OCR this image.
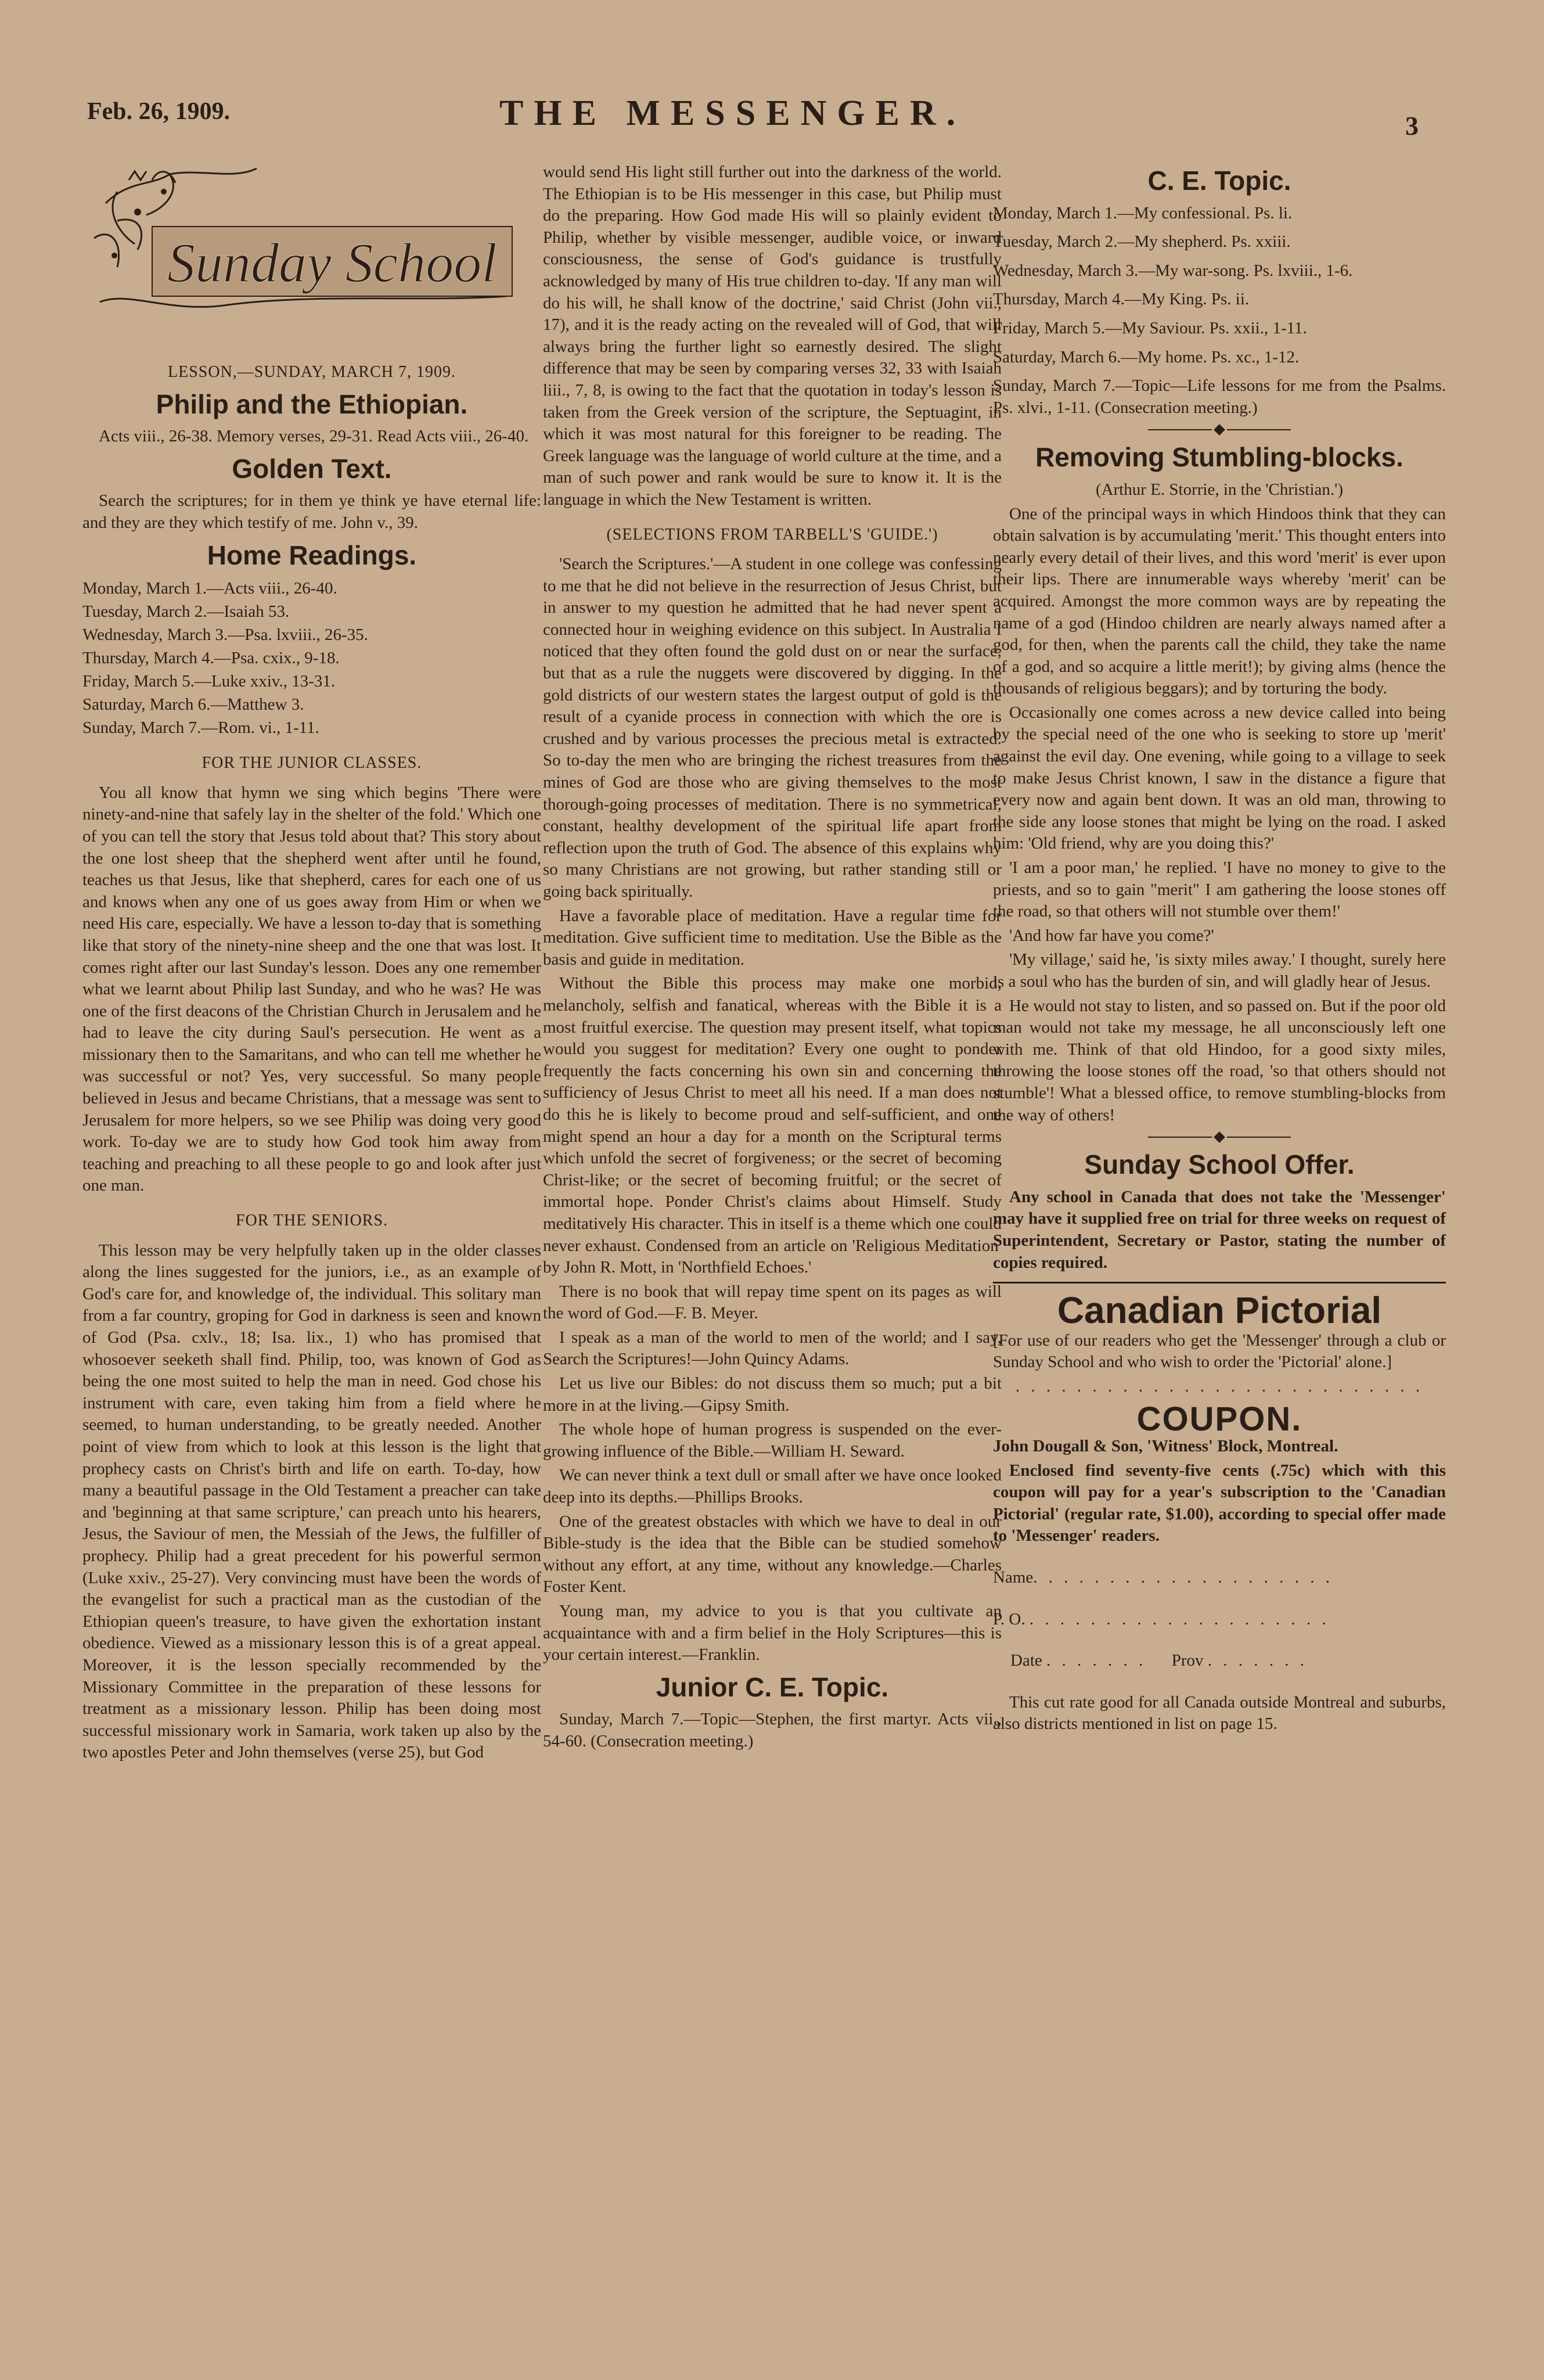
Feb. 26, 1909.	THE MESSENGER.	3
Sunday School
LESSON,—SUNDAY, MARCH 7, 1909.
Philip and the Ethiopian.

Acts viii., 26-38. Memory verses, 29-31. Read Acts viii., 26-40.

Golden Text.

Search the scriptures; for in them ye think ye have eternal life: and they are they which testify of me. John v., 39.

Home Readings.

Monday, March 1.—Acts viii., 26-40.

Tuesday, March 2.—Isaiah 53.

Wednesday, March 3.—Psa. lxviii., 26-35.

Thursday, March 4.—Psa. cxix., 9-18.

Friday, March 5.—Luke xxiv., 13-31.

Saturday, March 6.—Matthew 3.

Sunday, March 7.—Rom. vi., 1-11.

FOR THE JUNIOR CLASSES.

You all know that hymn we sing which begins 'There were ninety-and-nine that safely lay in the shelter of the fold.' Which one of you can tell the story that Jesus told about that? This story about the one lost sheep that the shepherd went after until he found, teaches us that Jesus, like that shepherd, cares for each one of us and knows when any one of us goes away from Him or when we need His care, especially. We have a lesson to-day that is something like that story of the ninety-nine sheep and the one that was lost. It comes right after our last Sunday's lesson. Does any one remember what we learnt about Philip last Sunday, and who he was? He was one of the first deacons of the Christian Church in Jerusalem and he had to leave the city during Saul's persecution. He went as a missionary then to the Samaritans, and who can tell me whether he was successful or not? Yes, very successful. So many people believed in Jesus and became Christians, that a message was sent to Jerusalem for more helpers, so we see Philip was doing very good work. To-day we are to study how God took him away from teaching and preaching to all these people to go and look after just one man.

FOR THE SENIORS.

This lesson may be very helpfully taken up in the older classes along the lines suggested for the juniors, i.e., as an example of God's care for, and knowledge of, the individual. This solitary man from a far country, groping for God in darkness is seen and known of God (Psa. cxlv., 18; Isa. lix., 1) who has promised that whosoever seeketh shall find. Philip, too, was known of God as being the one most suited to help the man in need. God chose his instrument with care, even taking him from a field where he seemed, to human understanding, to be greatly needed. Another point of view from which to look at this lesson is the light that prophecy casts on Christ's birth and life on earth. To-day, how many a beautiful passage in the Old Testament a preacher can take and 'beginning at that same scripture,' can preach unto his hearers, Jesus, the Saviour of men, the Messiah of the Jews, the fulfiller of prophecy. Philip had a great precedent for his powerful sermon (Luke xxiv., 25-27). Very convincing must have been the words of the evangelist for such a practical man as the custodian of the Ethiopian queen's treasure, to have given the exhortation instant obedience. Viewed as a missionary lesson this is of a great appeal. Moreover, it is the lesson specially recommended by the Missionary Committee in the preparation of these lessons for treatment as a missionary lesson. Philip has been doing most successful missionary work in Samaria, work taken up also by the two apostles Peter and John themselves (verse 25), but God

would send His light still further out into the darkness of the world. The Ethiopian is to be His messenger in this case, but Philip must do the preparing. How God made His will so plainly evident to Philip, whether by visible messenger, audible voice, or inward consciousness, the sense of God's guidance is trustfully acknowledged by many of His true children to-day. 'If any man will do his will, he shall know of the doctrine,' said Christ (John vii., 17), and it is the ready acting on the revealed will of God, that will always bring the further light so earnestly desired. The slight difference that may be seen by comparing verses 32, 33 with Isaiah liii., 7, 8, is owing to the fact that the quotation in today's lesson is taken from the Greek version of the scripture, the Septuagint, in which it was most natural for this foreigner to be reading. The Greek language was the language of world culture at the time, and a man of such power and rank would be sure to know it. It is the language in which the New Testament is written.

(SELECTIONS FROM TARBELL'S 'GUIDE.')

'Search the Scriptures.'—A student in one college was confessing to me that he did not believe in the resurrection of Jesus Christ, but in answer to my question he admitted that he had never spent a connected hour in weighing evidence on this subject. In Australia I noticed that they often found the gold dust on or near the surface, but that as a rule the nuggets were discovered by digging. In the gold districts of our western states the largest output of gold is the result of a cyanide process in connection with which the ore is crushed and by various processes the precious metal is extracted. So to-day the men who are bringing the richest treasures from the mines of God are those who are giving themselves to the most thorough-going processes of meditation. There is no symmetrical, constant, healthy development of the spiritual life apart from reflection upon the truth of God. The absence of this explains why so many Christians are not growing, but rather standing still or going back spiritually.

Have a favorable place of meditation. Have a regular time for meditation. Give sufficient time to meditation. Use the Bible as the basis and guide in meditation.

Without the Bible this process may make one morbid, melancholy, selfish and fanatical, whereas with the Bible it is a most fruitful exercise. The question may present itself, what topics would you suggest for meditation? Every one ought to ponder frequently the facts concerning his own sin and concerning the sufficiency of Jesus Christ to meet all his need. If a man does not do this he is likely to become proud and self-sufficient, and one might spend an hour a day for a month on the Scriptural terms which unfold the secret of forgiveness; or the secret of becoming Christ-like; or the secret of becoming fruitful; or the secret of immortal hope. Ponder Christ's claims about Himself. Study meditatively His character. This in itself is a theme which one could never exhaust. Condensed from an article on 'Religious Meditation' by John R. Mott, in 'Northfield Echoes.'

There is no book that will repay time spent on its pages as will the word of God.—F. B. Meyer.

I speak as a man of the world to men of the world; and I say, Search the Scriptures!—John Quincy Adams.

Let us live our Bibles: do not discuss them so much; put a bit more in at the living.—Gipsy Smith.

The whole hope of human progress is suspended on the ever-growing influence of the Bible.—William H. Seward.

We can never think a text dull or small after we have once looked deep into its depths.—Phillips Brooks.

One of the greatest obstacles with which we have to deal in our Bible-study is the idea that the Bible can be studied somehow without any effort, at any time, without any knowledge.—Charles Foster Kent.

Young man, my advice to you is that you cultivate an acquaintance with and a firm belief in the Holy Scriptures—this is your certain interest.—Franklin.

Junior C. E. Topic.

Sunday, March 7.—Topic—Stephen, the first martyr. Acts vii., 54-60. (Consecration meeting.)

C. E. Topic.

Monday, March 1.—My confessional. Ps. li.

Tuesday, March 2.—My shepherd. Ps. xxiii.

Wednesday, March 3.—My war-song. Ps. lxviii., 1-6.

Thursday, March 4.—My King. Ps. ii.

Friday, March 5.—My Saviour. Ps. xxii., 1-11.

Saturday, March 6.—My home. Ps. xc., 1-12.

Sunday, March 7.—Topic—Life lessons for me from the Psalms. Ps. xlvi., 1-11. (Consecration meeting.)

Removing Stumbling-blocks.

(Arthur E. Storrie, in the 'Christian.')

One of the principal ways in which Hindoos think that they can obtain salvation is by accumulating 'merit.' This thought enters into nearly every detail of their lives, and this word 'merit' is ever upon their lips. There are innumerable ways whereby 'merit' can be acquired. Amongst the more common ways are by repeating the name of a god (Hindoo children are nearly always named after a god, for then, when the parents call the child, they take the name of a god, and so acquire a little merit!); by giving alms (hence the thousands of religious beggars); and by torturing the body.

Occasionally one comes across a new device called into being by the special need of the one who is seeking to store up 'merit' against the evil day. One evening, while going to a village to seek to make Jesus Christ known, I saw in the distance a figure that every now and again bent down. It was an old man, throwing to the side any loose stones that might be lying on the road. I asked him: 'Old friend, why are you doing this?'

'I am a poor man,' he replied. 'I have no money to give to the priests, and so to gain "merit" I am gathering the loose stones off the road, so that others will not stumble over them!'

'And how far have you come?'

'My village,' said he, 'is sixty miles away.' I thought, surely here is a soul who has the burden of sin, and will gladly hear of Jesus.

He would not stay to listen, and so passed on. But if the poor old man would not take my message, he all unconsciously left one with me. Think of that old Hindoo, for a good sixty miles, throwing the loose stones off the road, 'so that others should not stumble'! What a blessed office, to remove stumbling-blocks from the way of others!

Sunday School Offer.

Any school in Canada that does not take the 'Messenger' may have it supplied free on trial for three weeks on request of Superintendent, Secretary or Pastor, stating the number of copies required.

Canadian Pictorial

[For use of our readers who get the 'Messenger' through a club or Sunday School and who wish to order the 'Pictorial' alone.]

. . . . . . . . . . . . . . . . . . . . . . . . . . .

COUPON.

John Dougall & Son, 'Witness' Block, Montreal.

Enclosed find seventy-five cents (.75c) which with this coupon will pay for a year's subscription to the 'Canadian Pictorial' (regular rate, $1.00), according to special offer made to 'Messenger' readers.

Name. . . . . . . . . . . . . . . . . . . .

P. O. . . . . . . . . . . . . . . . . . . . .

Date . . . . . . . Prov . . . . . . .

This cut rate good for all Canada outside Montreal and suburbs, also districts mentioned in list on page 15.
